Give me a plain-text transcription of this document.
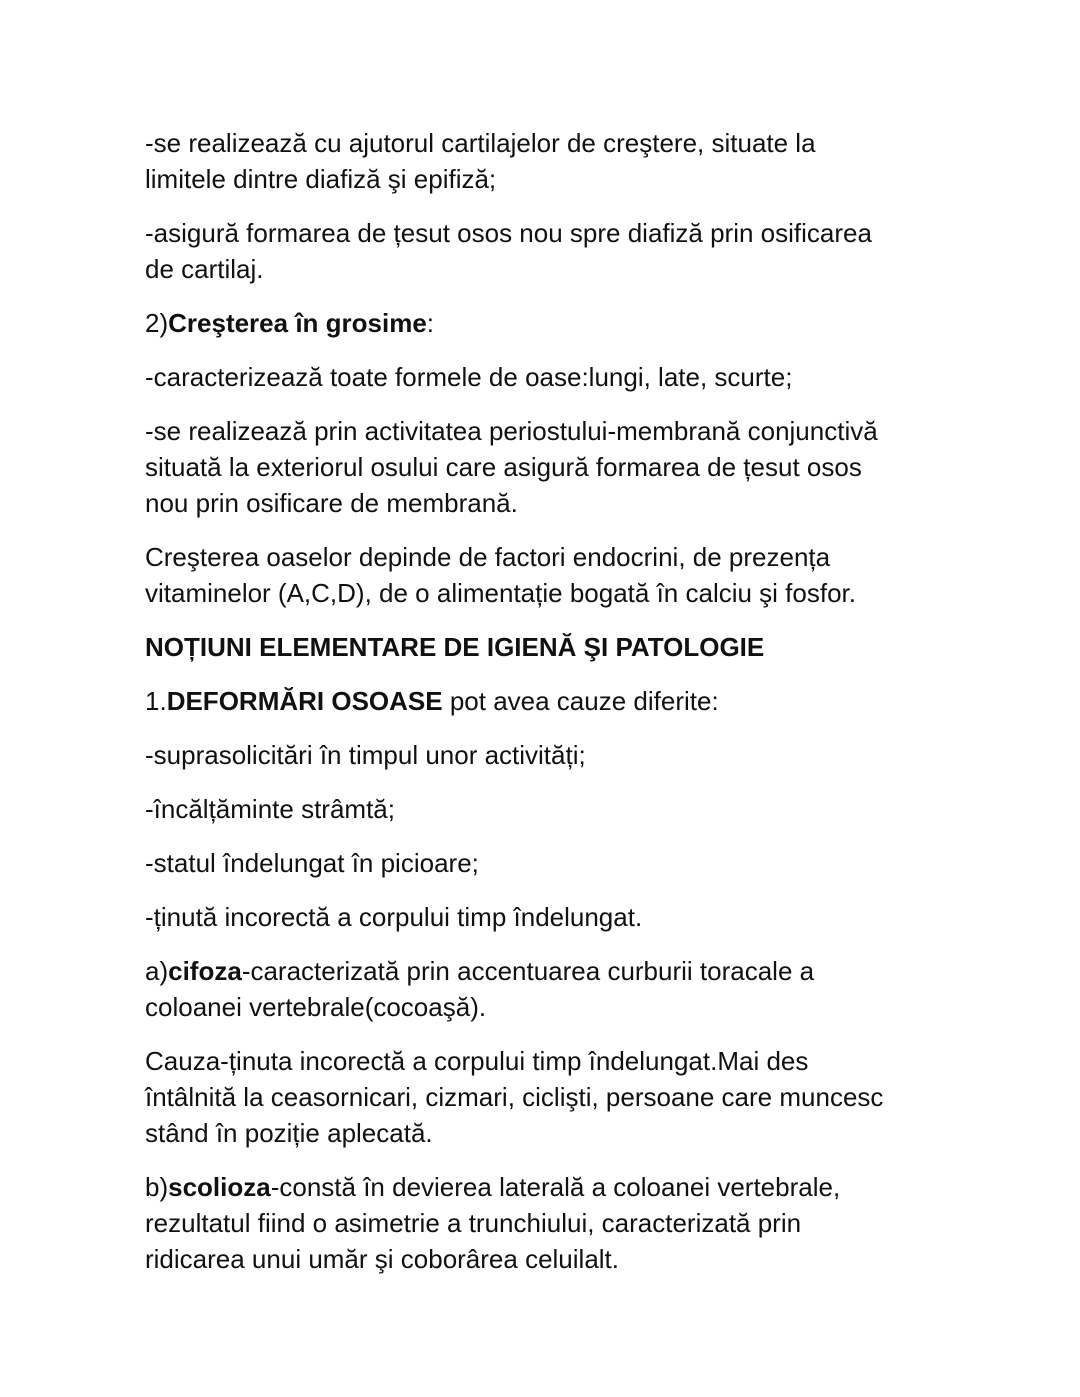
-se realizează cu ajutorul cartilajelor de creştere, situate la
limitele dintre diafiză şi epifiză;

-asigură formarea de țesut osos nou spre diafiză prin osificarea
de cartilaj.

2)Creşterea în grosime:

-caracterizează toate formele de oase:lungi, late, scurte;

-se realizează prin activitatea periostului-membrană conjunctivă
situată la exteriorul osului care asigură formarea de țesut osos
nou prin osificare de membrană.

Creşterea oaselor depinde de factori endocrini, de prezența
vitaminelor (A,C,D), de o alimentație bogată în calciu şi fosfor.

NOȚIUNI ELEMENTARE DE IGIENĂ ŞI PATOLOGIE

1.DEFORMĂRI OSOASE pot avea cauze diferite:

-suprasolicitări în timpul unor activități;

-încălțăminte strâmtă;

-statul îndelungat în picioare;

-ținută incorectă a corpului timp îndelungat.

a)cifoza-caracterizată prin accentuarea curburii toracale a
coloanei vertebrale(cocoaşă).

Cauza-ținuta incorectă a corpului timp îndelungat.Mai des
întâlnită la ceasornicari, cizmari, ciclişti, persoane care muncesc
stând în poziție aplecată.

b)scolioza-constă în devierea laterală a coloanei vertebrale,
rezultatul fiind o asimetrie a trunchiului, caracterizată prin
ridicarea unui umăr şi coborârea celuilalt.
